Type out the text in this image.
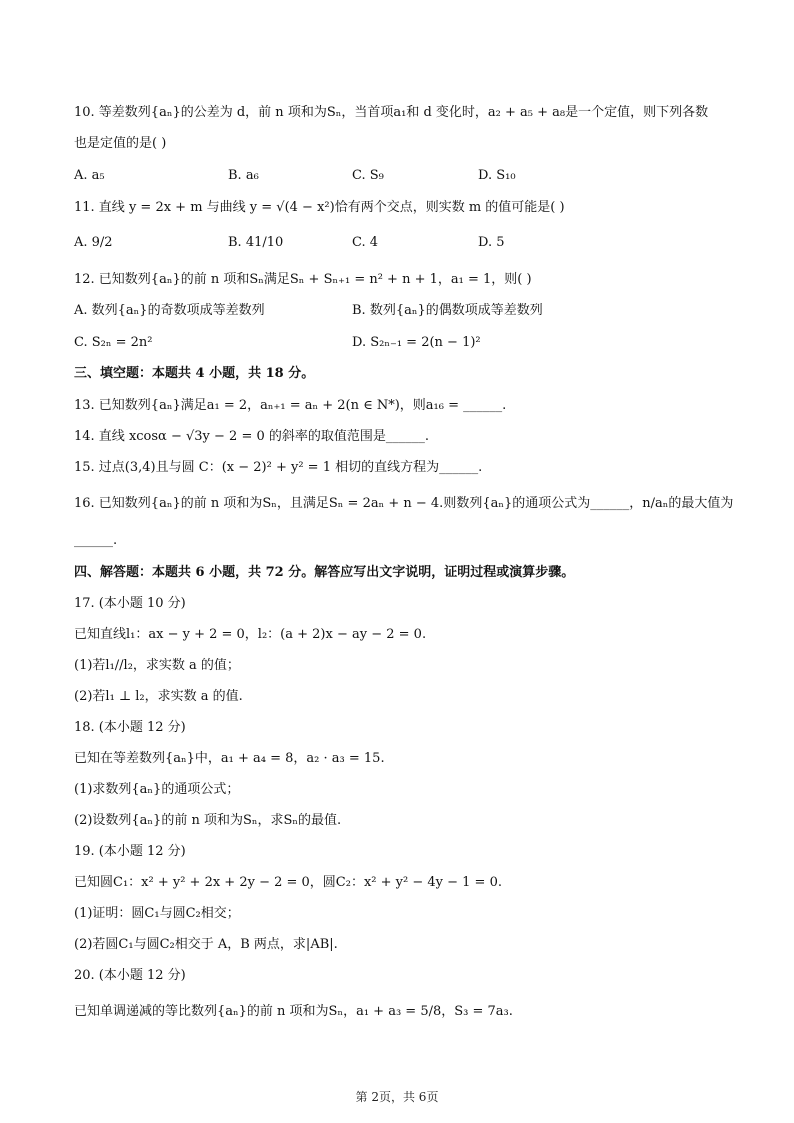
10. 等差数列{aₙ}的公差为 d，前 n 项和为Sₙ，当首项a₁和 d 变化时，a₂ + a₅ + a₈是一个定值，则下列各数
也是定值的是( )
A. a₅	B. a₆	C. S₉	D. S₁₀
11. 直线 y = 2x + m 与曲线 y = √(4 − x²)恰有两个交点，则实数 m 的值可能是( )
A. 9/2	B. 41/10	C. 4	D. 5
12. 已知数列{aₙ}的前 n 项和Sₙ满足Sₙ + Sₙ₊₁ = n² + n + 1，a₁ = 1，则( )
A. 数列{aₙ}的奇数项成等差数列	B. 数列{aₙ}的偶数项成等差数列
C. S₂ₙ = 2n²	D. S₂ₙ₋₁ = 2(n − 1)²
三、填空题：本题共 4 小题，共 18 分。
13. 已知数列{aₙ}满足a₁ = 2，aₙ₊₁ = aₙ + 2(n ∈ N*)，则a₁₆ = ______.
14. 直线 xcosα − √3y − 2 = 0 的斜率的取值范围是______.
15. 过点(3,4)且与圆 C：(x − 2)² + y² = 1 相切的直线方程为______.
16. 已知数列{aₙ}的前 n 项和为Sₙ，且满足Sₙ = 2aₙ + n − 4.则数列{aₙ}的通项公式为______，n/aₙ的最大值为
______.
四、解答题：本题共 6 小题，共 72 分。解答应写出文字说明，证明过程或演算步骤。
17. (本小题 10 分)
已知直线l₁：ax − y + 2 = 0，l₂：(a + 2)x − ay − 2 = 0.
(1)若l₁//l₂，求实数 a 的值；
(2)若l₁ ⊥ l₂，求实数 a 的值.
18. (本小题 12 分)
已知在等差数列{aₙ}中，a₁ + a₄ = 8，a₂ · a₃ = 15.
(1)求数列{aₙ}的通项公式；
(2)设数列{aₙ}的前 n 项和为Sₙ，求Sₙ的最值.
19. (本小题 12 分)
已知圆C₁：x² + y² + 2x + 2y − 2 = 0，圆C₂：x² + y² − 4y − 1 = 0.
(1)证明：圆C₁与圆C₂相交；
(2)若圆C₁与圆C₂相交于 A，B 两点，求|AB|.
20. (本小题 12 分)
已知单调递减的等比数列{aₙ}的前 n 项和为Sₙ，a₁ + a₃ = 5/8，S₃ = 7a₃.
第 2页，共 6页
